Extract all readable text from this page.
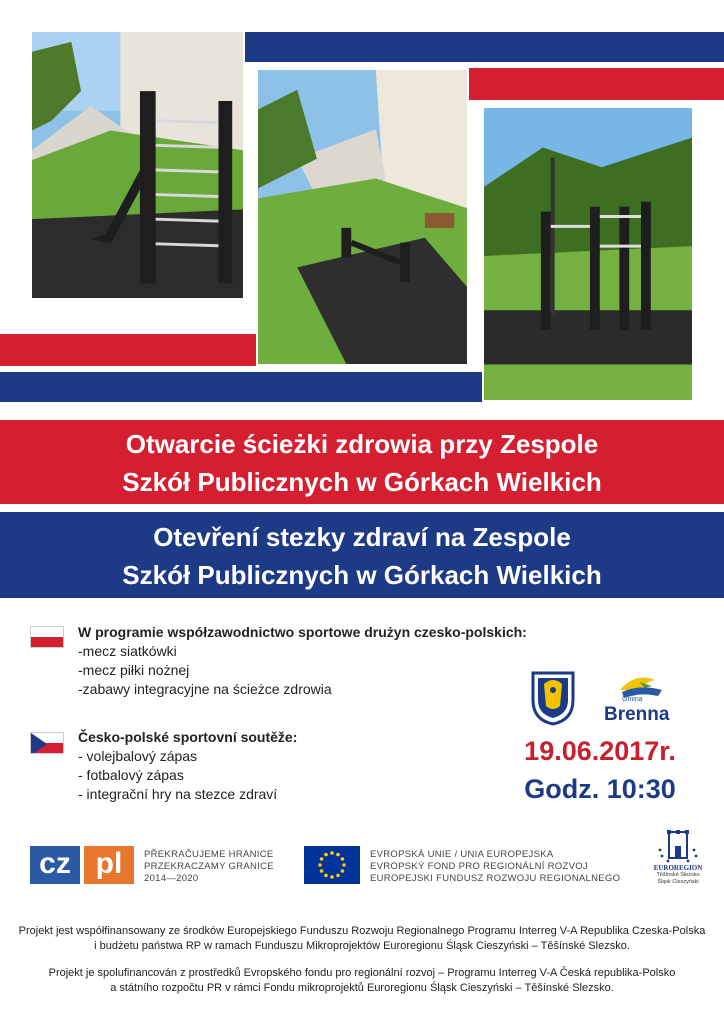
Otwarcie ścieżki zdrowia przy Zespole
Szkół Publicznych w Górkach Wielkich
Otevření stezky zdraví na Zespole
Szkół Publicznych w Górkach Wielkich
W programie współzawodnictwo sportowe drużyn czesko-polskich:
-mecz siatkówki
-mecz piłki nożnej
-zabawy integracyjne na ścieżce zdrowia
Česko-polské sportovní soutěže:
- volejbalový zápas
- fotbalový zápas
- integrační hry na stezce zdraví
Gmina
Brenna
19.06.2017r.
Godz. 10:30
cz pl	PŘEKRAČUJEME HRANICE
PRZEKRACZAMY GRANICE
2014—2020
EVROPSKÁ UNIE / UNIA EUROPEJSKA
EVROPSKÝ FOND PRO REGIONÁLNÍ ROZVOJ
EUROPEJSKI FUNDUSZ ROZWOJU REGIONALNEGO
EUROREGION
Těšínské Slezsko
Śląsk Cieszyński
Projekt jest współfinansowany ze środków Europejskiego Funduszu Rozwoju Regionalnego Programu Interreg V-A Republika Czeska-Polska
i budżetu państwa RP w ramach Funduszu Mikroprojektów Euroregionu Śląsk Cieszyński – Těšínské Slezsko.
Projekt je spolufinancován z prostředků Evropského fondu pro regionální rozvoj – Programu Interreg V-A Česká republika-Polsko
a státního rozpočtu PR v rámci Fondu mikroprojektů Euroregionu Śląsk Cieszyński – Těšínské Slezsko.
